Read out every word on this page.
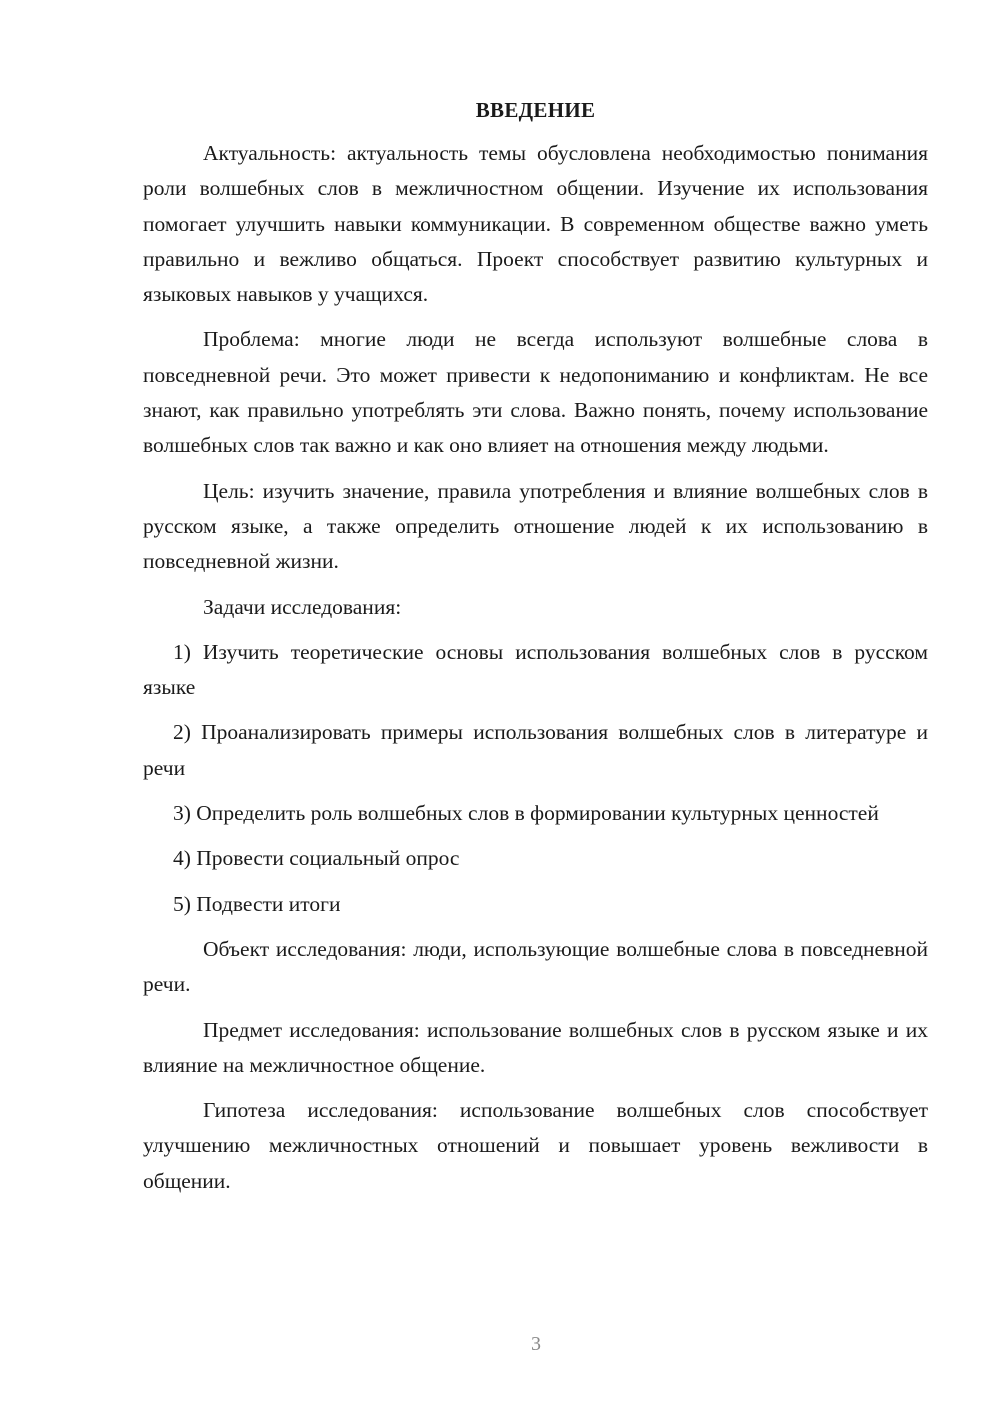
ВВЕДЕНИЕ

Актуальность: актуальность темы обусловлена необходимостью понимания роли волшебных слов в межличностном общении. Изучение их использования помогает улучшить навыки коммуникации. В современном обществе важно уметь правильно и вежливо общаться. Проект способствует развитию культурных и языковых навыков у учащихся.

Проблема: многие люди не всегда используют волшебные слова в повседневной речи. Это может привести к недопониманию и конфликтам. Не все знают, как правильно употреблять эти слова. Важно понять, почему использование волшебных слов так важно и как оно влияет на отношения между людьми.

Цель: изучить значение, правила употребления и влияние волшебных слов в русском языке, а также определить отношение людей к их использованию в повседневной жизни.

Задачи исследования:

1) Изучить теоретические основы использования волшебных слов в русском языке

2) Проанализировать примеры использования волшебных слов в литературе и речи

3) Определить роль волшебных слов в формировании культурных ценностей

4) Провести социальный опрос

5) Подвести итоги

Объект исследования: люди, использующие волшебные слова в повседневной речи.

Предмет исследования: использование волшебных слов в русском языке и их влияние на межличностное общение.

Гипотеза исследования: использование волшебных слов способствует улучшению межличностных отношений и повышает уровень вежливости в общении.

3
